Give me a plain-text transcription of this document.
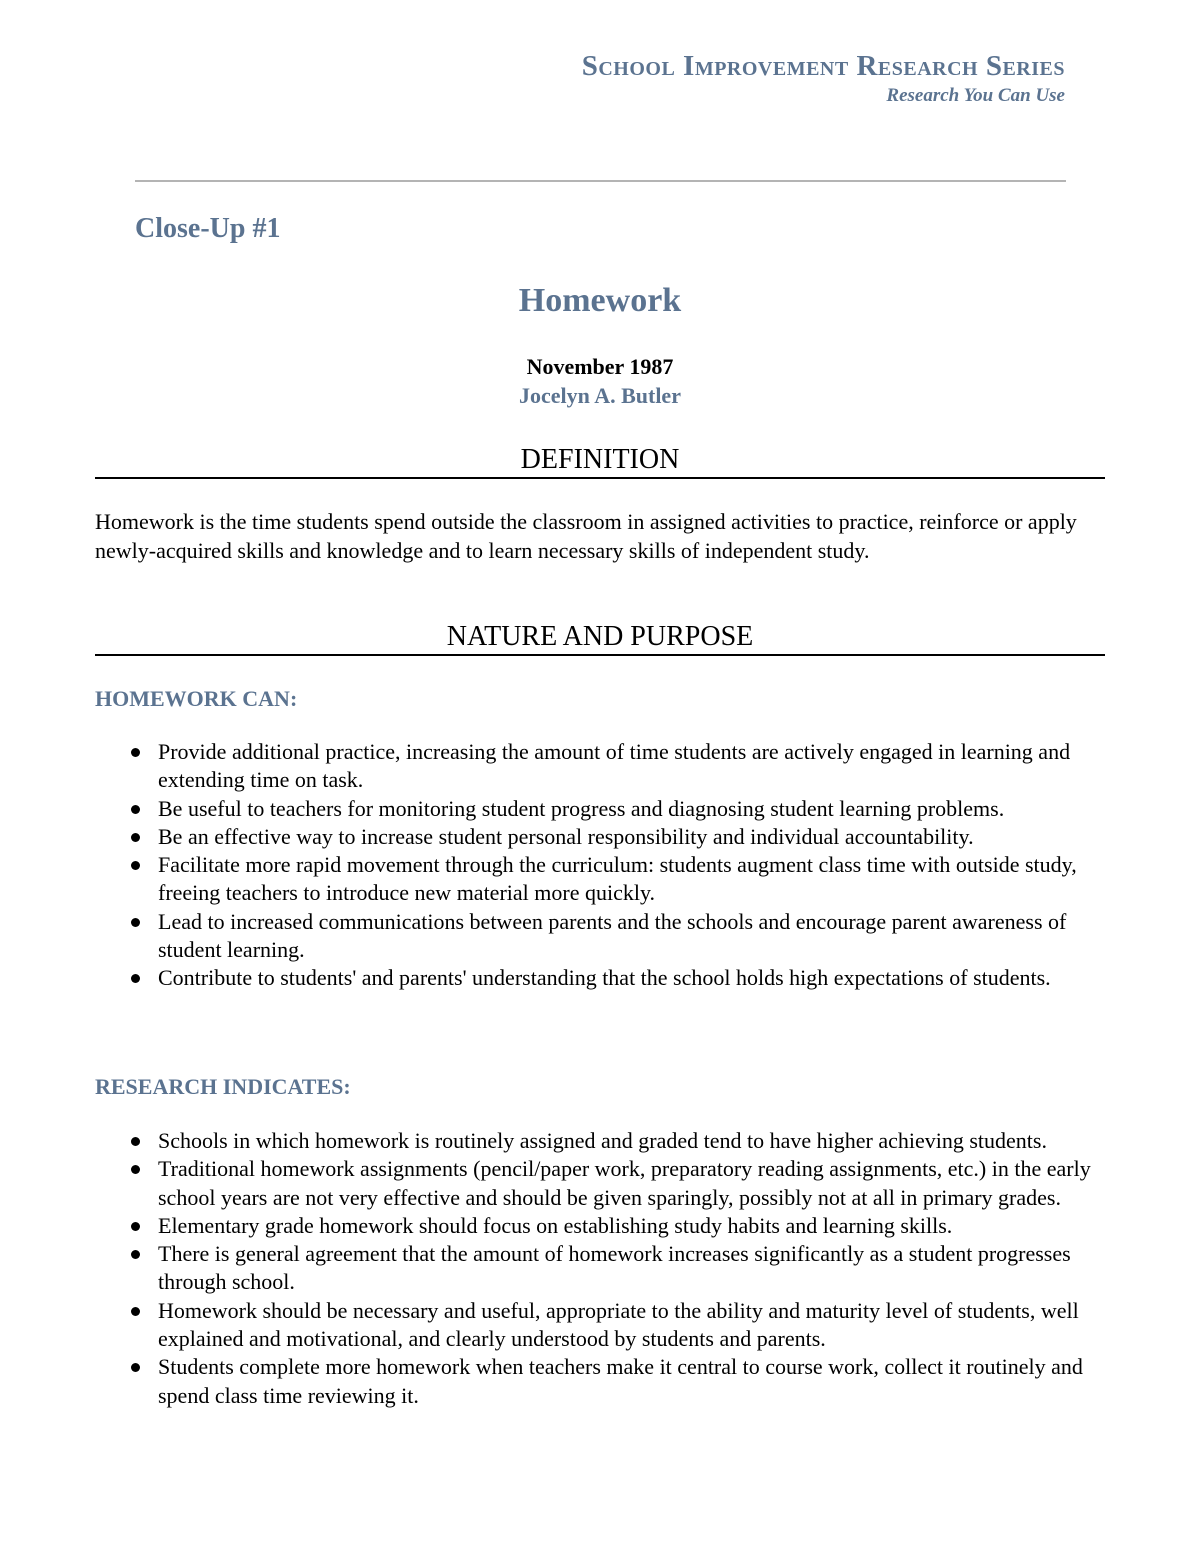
School Improvement Research Series
Research You Can Use
Close-Up #1
Homework
November 1987
Jocelyn A. Butler
DEFINITION
Homework is the time students spend outside the classroom in assigned activities to practice, reinforce or apply newly-acquired skills and knowledge and to learn necessary skills of independent study.
NATURE AND PURPOSE
HOMEWORK CAN:
Provide additional practice, increasing the amount of time students are actively engaged in learning and extending time on task.
Be useful to teachers for monitoring student progress and diagnosing student learning problems.
Be an effective way to increase student personal responsibility and individual accountability.
Facilitate more rapid movement through the curriculum: students augment class time with outside study, freeing teachers to introduce new material more quickly.
Lead to increased communications between parents and the schools and encourage parent awareness of student learning.
Contribute to students' and parents' understanding that the school holds high expectations of students.
RESEARCH INDICATES:
Schools in which homework is routinely assigned and graded tend to have higher achieving students.
Traditional homework assignments (pencil/paper work, preparatory reading assignments, etc.) in the early school years are not very effective and should be given sparingly, possibly not at all in primary grades.
Elementary grade homework should focus on establishing study habits and learning skills.
There is general agreement that the amount of homework increases significantly as a student progresses through school.
Homework should be necessary and useful, appropriate to the ability and maturity level of students, well explained and motivational, and clearly understood by students and parents.
Students complete more homework when teachers make it central to course work, collect it routinely and spend class time reviewing it.
